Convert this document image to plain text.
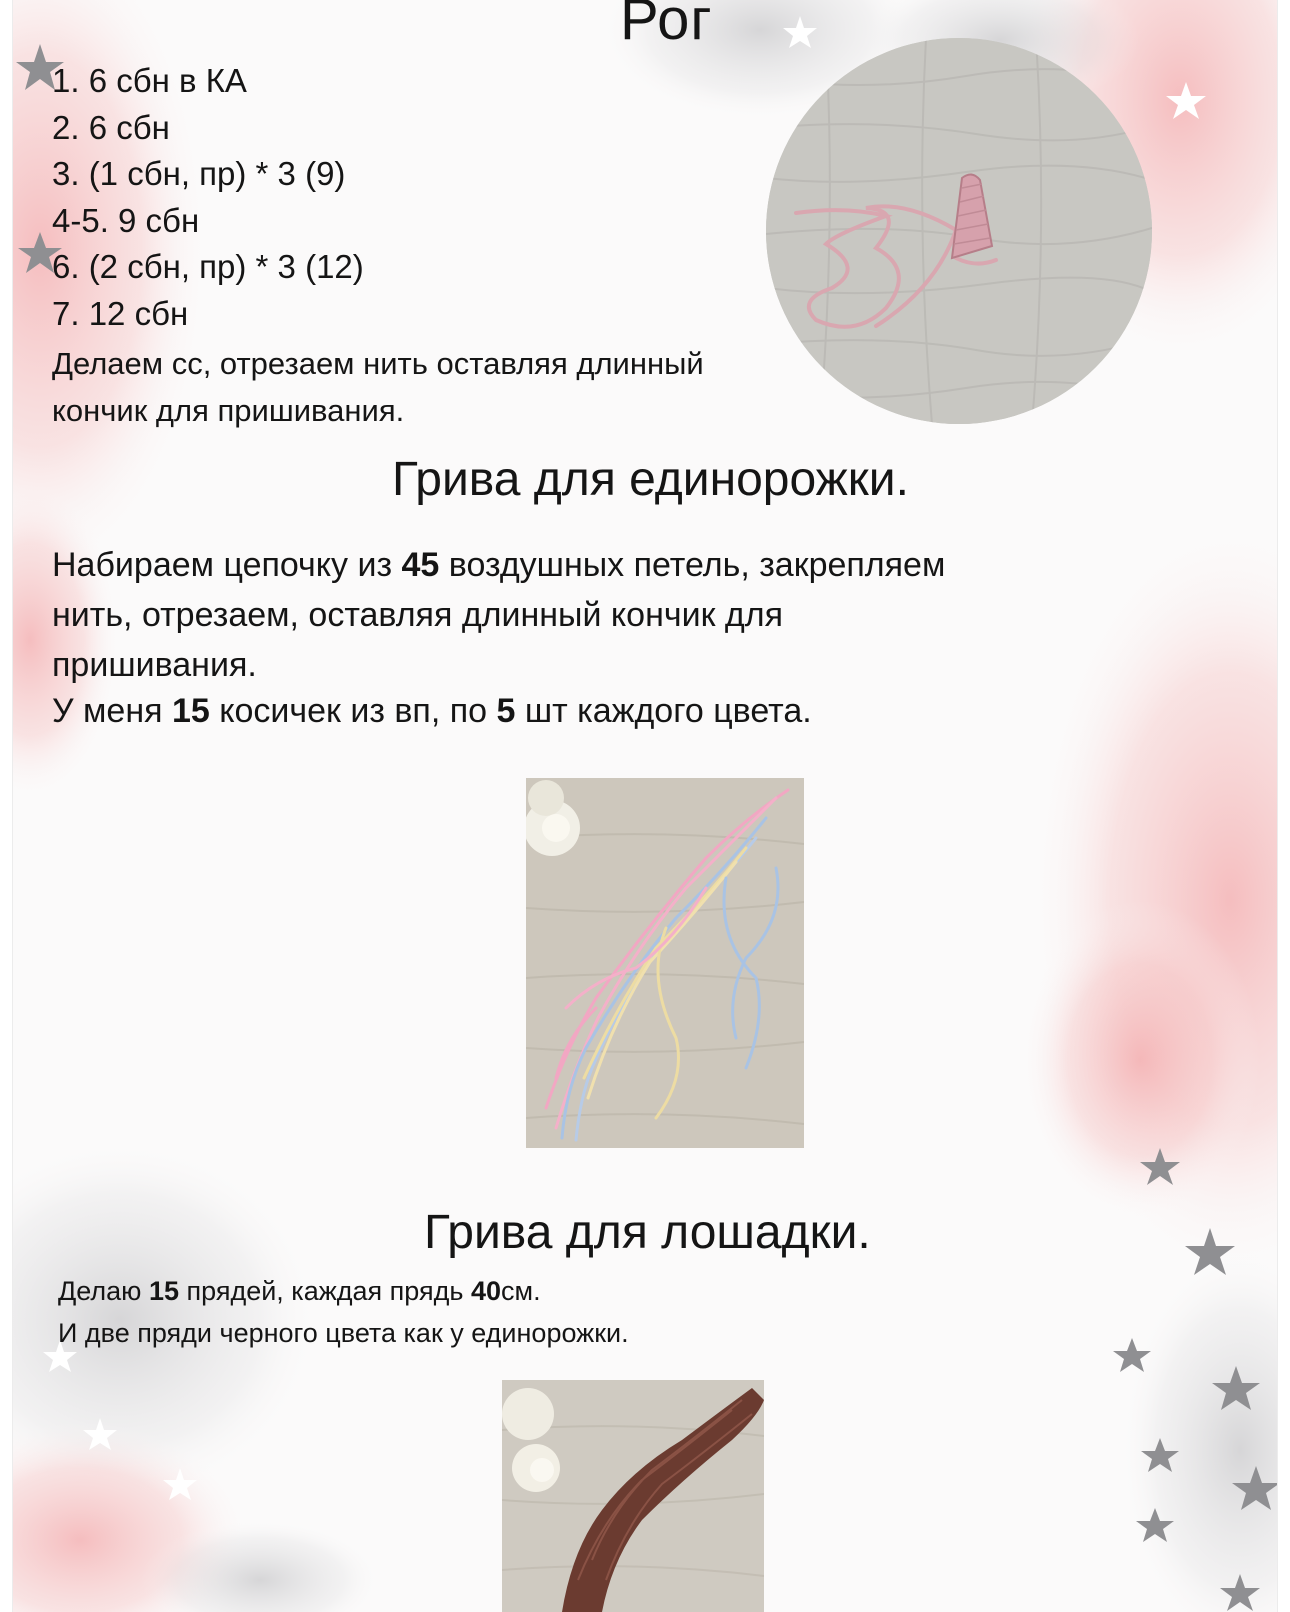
Рог
1. 6 сбн в КА
2. 6 сбн
3. (1 сбн, пр) * 3 (9)
4-5. 9 сбн
6. (2 сбн, пр) * 3 (12)
7. 12 сбн
Делаем сс, отрезаем нить оставляя длинный кончик для пришивания.
Грива для единорожки.
Набираем цепочку из 45 воздушных петель, закрепляем
нить, отрезаем, оставляя длинный кончик для
пришивания.
У меня 15 косичек из вп, по 5 шт каждого цвета.
Грива для лошадки.
Делаю 15 прядей, каждая прядь 40см.
И две пряди черного цвета как у единорожки.
